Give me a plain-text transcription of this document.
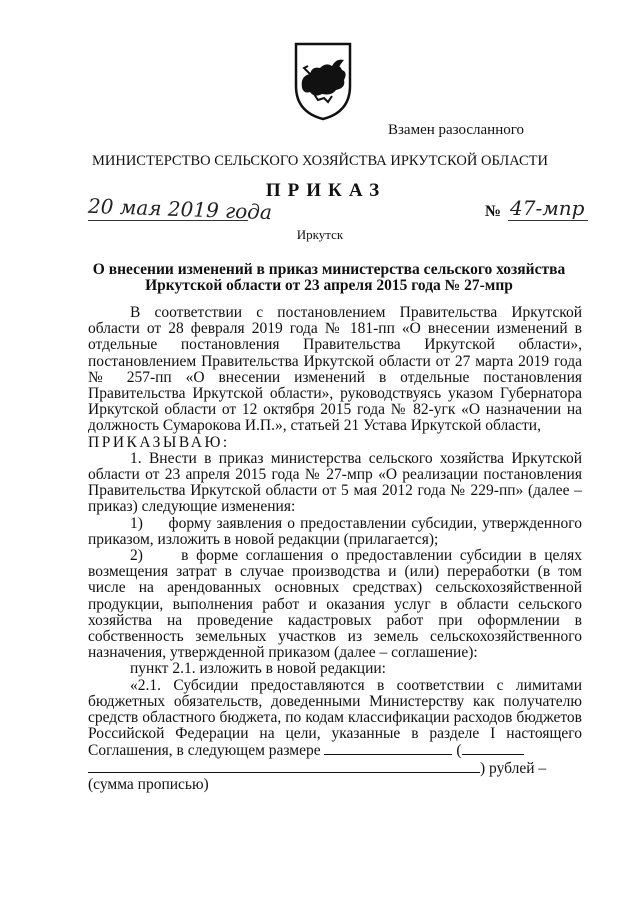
Взамен разосланного
МИНИСТЕРСТВО СЕЛЬСКОГО ХОЗЯЙСТВА ИРКУТСКОЙ ОБЛАСТИ
ПРИКАЗ
20 мая 2019 года	№ 47-мпр
Иркутск
О внесении изменений в приказ министерства сельского хозяйства Иркутской области от 23 апреля 2015 года № 27-мпр

В соответствии с постановлением Правительства Иркутской области от 28 февраля 2019 года № 181-пп «О внесении изменений в отдельные постановления Правительства Иркутской области», постановлением Правительства Иркутской области от 27 марта 2019 года № 257-пп «О внесении изменений в отдельные постановления Правительства Иркутской области», руководствуясь указом Губернатора Иркутской области от 12 октября 2015 года № 82-угк «О назначении на должность Сумарокова И.П.», статьей 21 Устава Иркутской области,

ПРИКАЗЫВАЮ:

1. Внести в приказ министерства сельского хозяйства Иркутской области от 23 апреля 2015 года № 27-мпр «О реализации постановления Правительства Иркутской области от 5 мая 2012 года № 229-пп» (далее – приказ) следующие изменения:

1)     форму заявления о предоставлении субсидии, утвержденного приказом, изложить в новой редакции (прилагается);

2)     в форме соглашения о предоставлении субсидии в целях возмещения затрат в случае производства и (или) переработки (в том числе на арендованных основных средствах) сельскохозяйственной продукции, выполнения работ и оказания услуг в области сельского хозяйства на проведение кадастровых работ при оформлении в собственность земельных участков из земель сельскохозяйственного назначения, утвержденной приказом (далее – соглашение):

пункт 2.1. изложить в новой редакции:

«2.1. Субсидии предоставляются в соответствии с лимитами бюджетных обязательств, доведенными Министерству как получателю средств областного бюджета, по кодам классификации расходов бюджетов Российской Федерации на цели, указанные в разделе I настоящего Соглашения, в следующем размере	(

) рублей –

(сумма прописью)
